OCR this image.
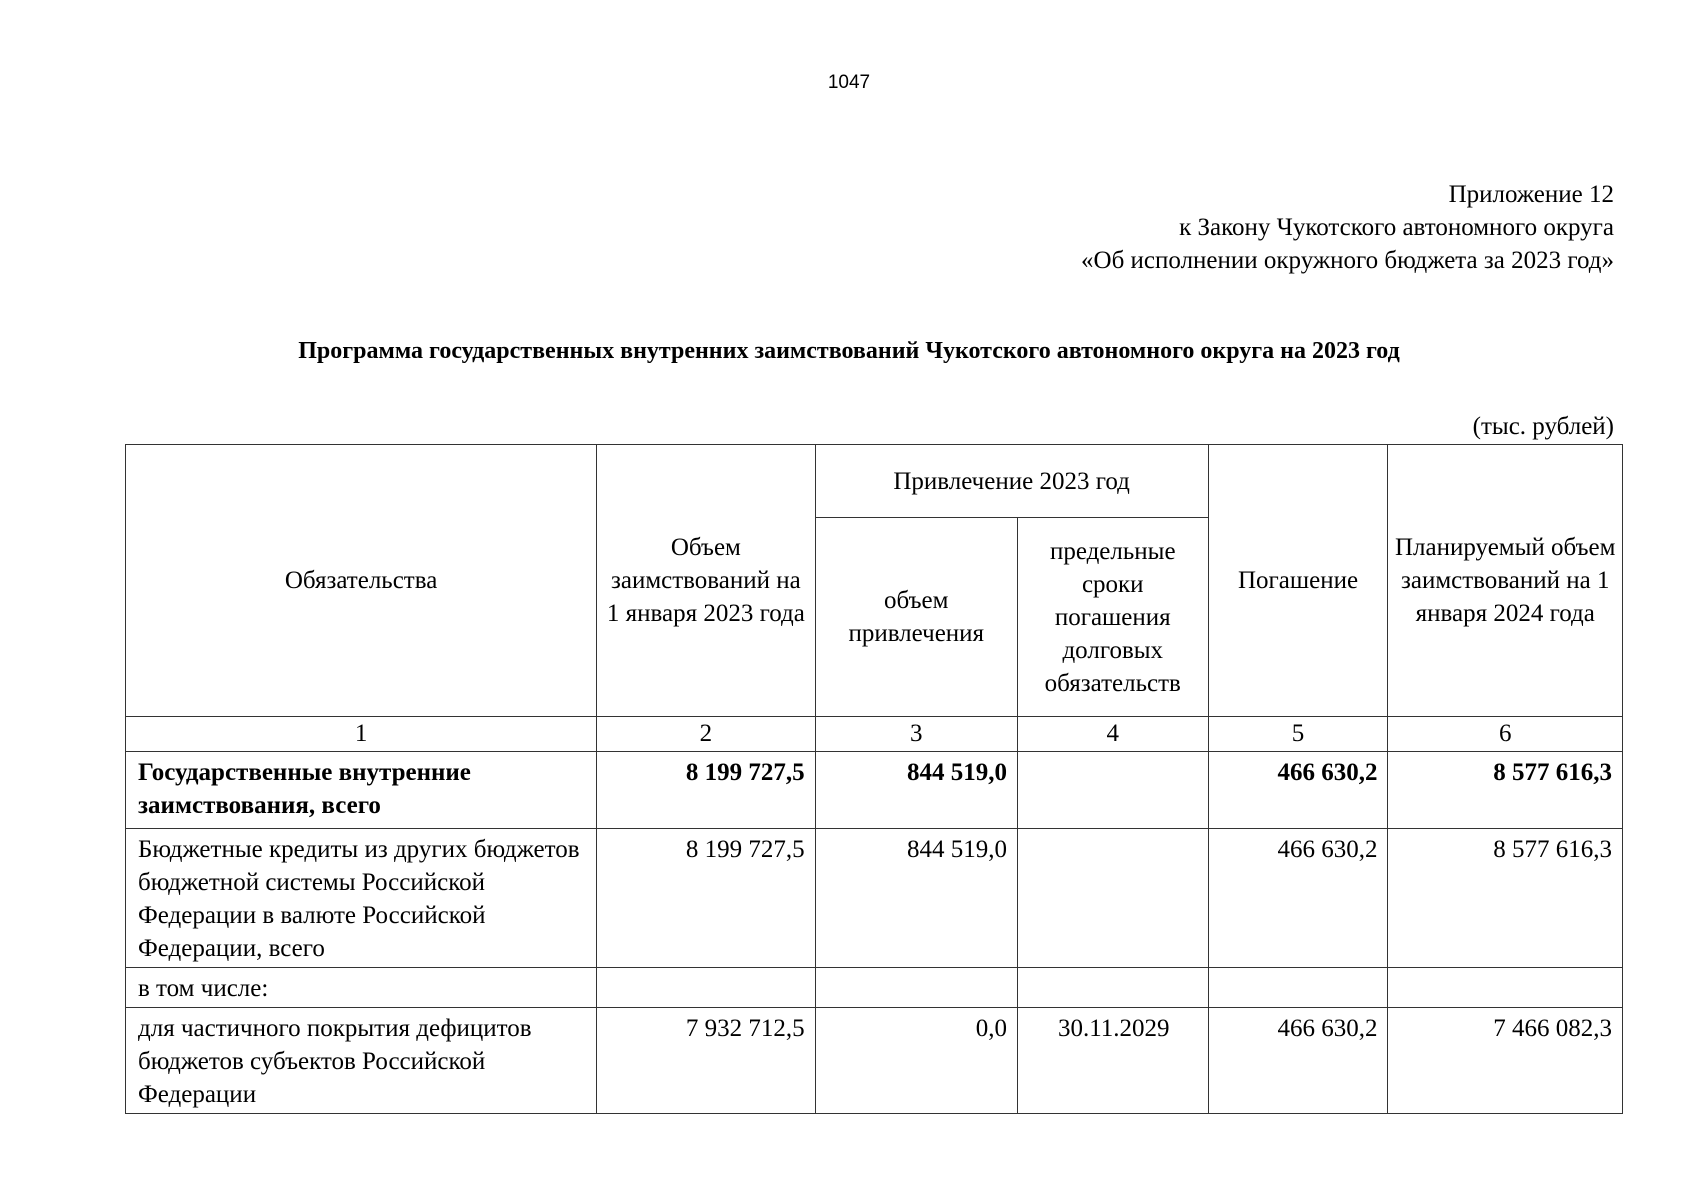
1047
Приложение 12
к Закону Чукотского автономного округа
«Об исполнении окружного бюджета за 2023 год»
Программа государственных внутренних заимствований Чукотского автономного округа на 2023 год
(тыс. рублей)
Обязательства	Объем заимствований на 1 января 2023 года	Привлечение 2023 год		Погашение	Планируемый объем заимствований на 1 января 2024 года
		объем привлечения	предельные сроки погашения долговых обязательств		
1	2	3	4	5	6
Государственные внутренние заимствования, всего	8 199 727,5	844 519,0		466 630,2	8 577 616,3
Бюджетные кредиты из других бюджетов бюджетной системы Российской Федерации в валюте Российской Федерации, всего	8 199 727,5	844 519,0		466 630,2	8 577 616,3
в том числе:					
для частичного покрытия дефицитов бюджетов субъектов Российской Федерации	7 932 712,5	0,0	30.11.2029	466 630,2	7 466 082,3
